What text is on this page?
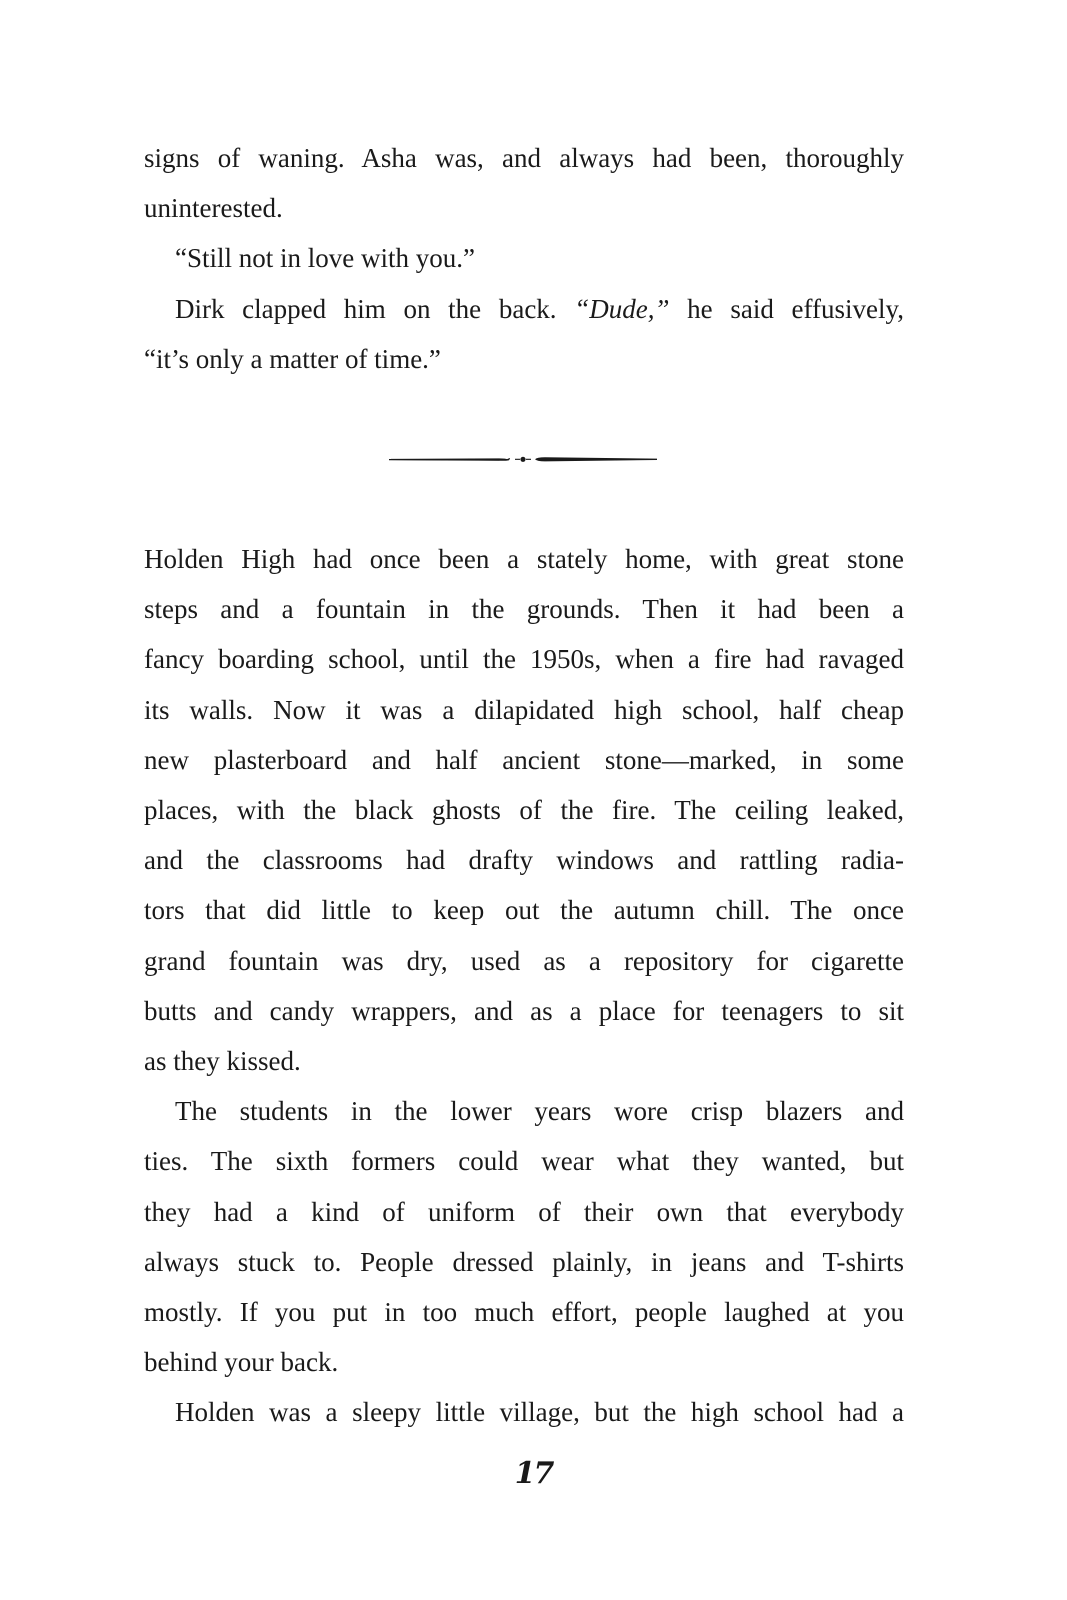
signs of waning. Asha was, and always had been, thoroughly
uninterested.
“Still not in love with you.”
Dirk clapped him on the back. “Dude,” he said effusively,
“it’s only a matter of time.”
Holden High had once been a stately home, with great stone
steps and a fountain in the grounds. Then it had been a
fancy boarding school, until the 1950s, when a fire had ravaged
its walls. Now it was a dilapidated high school, half cheap
new plasterboard and half ancient stone—marked, in some
places, with the black ghosts of the fire. The ceiling leaked,
and the classrooms had drafty windows and rattling radia-
tors that did little to keep out the autumn chill. The once
grand fountain was dry, used as a repository for cigarette
butts and candy wrappers, and as a place for teenagers to sit
as they kissed.
The students in the lower years wore crisp blazers and
ties. The sixth formers could wear what they wanted, but
they had a kind of uniform of their own that everybody
always stuck to. People dressed plainly, in jeans and T-shirts
mostly. If you put in too much effort, people laughed at you
behind your back.
Holden was a sleepy little village, but the high school had a
17
